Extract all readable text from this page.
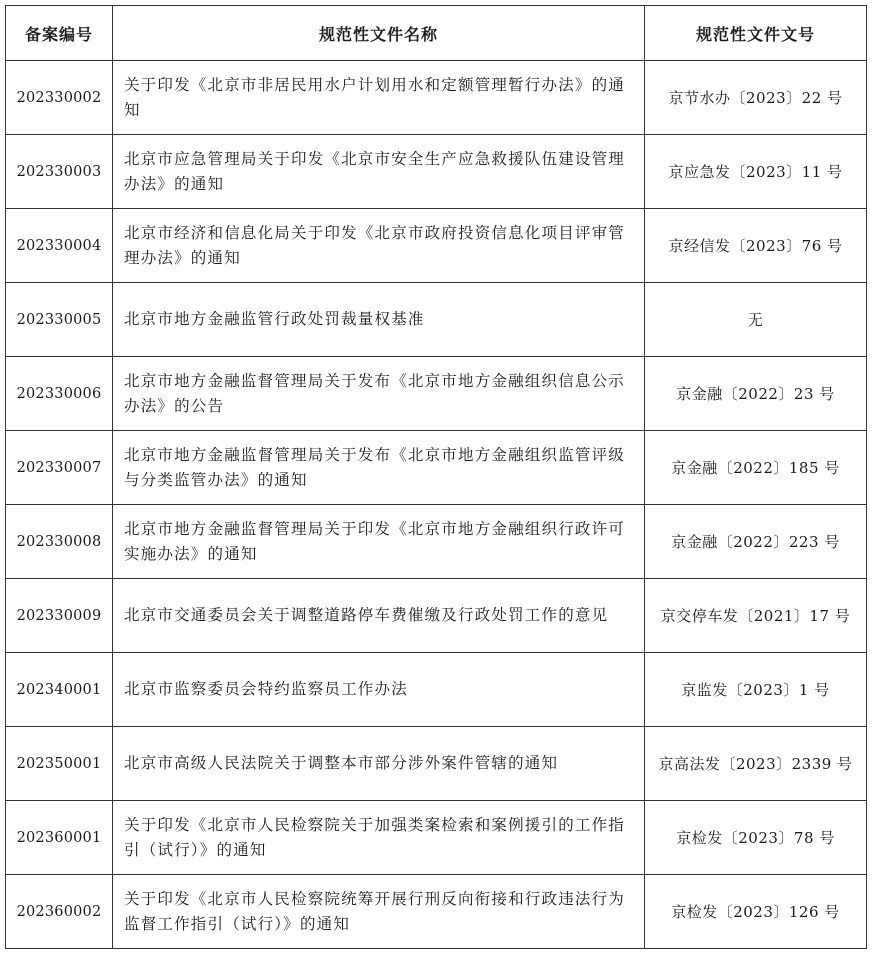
备案编号	规范性文件名称	规范性文件文号
202330002	关于印发《北京市非居民用水户计划用水和定额管理暂行办法》的通知	京节水办〔2023〕22 号
202330003	北京市应急管理局关于印发《北京市安全生产应急救援队伍建设管理办法》的通知	京应急发〔2023〕11 号
202330004	北京市经济和信息化局关于印发《北京市政府投资信息化项目评审管理办法》的通知	京经信发〔2023〕76 号
202330005	北京市地方金融监管行政处罚裁量权基准	无
202330006	北京市地方金融监督管理局关于发布《北京市地方金融组织信息公示办法》的公告	京金融〔2022〕23 号
202330007	北京市地方金融监督管理局关于发布《北京市地方金融组织监管评级与分类监管办法》的通知	京金融〔2022〕185 号
202330008	北京市地方金融监督管理局关于印发《北京市地方金融组织行政许可实施办法》的通知	京金融〔2022〕223 号
202330009	北京市交通委员会关于调整道路停车费催缴及行政处罚工作的意见	京交停车发〔2021〕17 号
202340001	北京市监察委员会特约监察员工作办法	京监发〔2023〕1 号
202350001	北京市高级人民法院关于调整本市部分涉外案件管辖的通知	京高法发〔2023〕2339 号
202360001	关于印发《北京市人民检察院关于加强类案检索和案例援引的工作指引（试行）》的通知	京检发〔2023〕78 号
202360002	关于印发《北京市人民检察院统筹开展行刑反向衔接和行政违法行为监督工作指引（试行）》的通知	京检发〔2023〕126 号
